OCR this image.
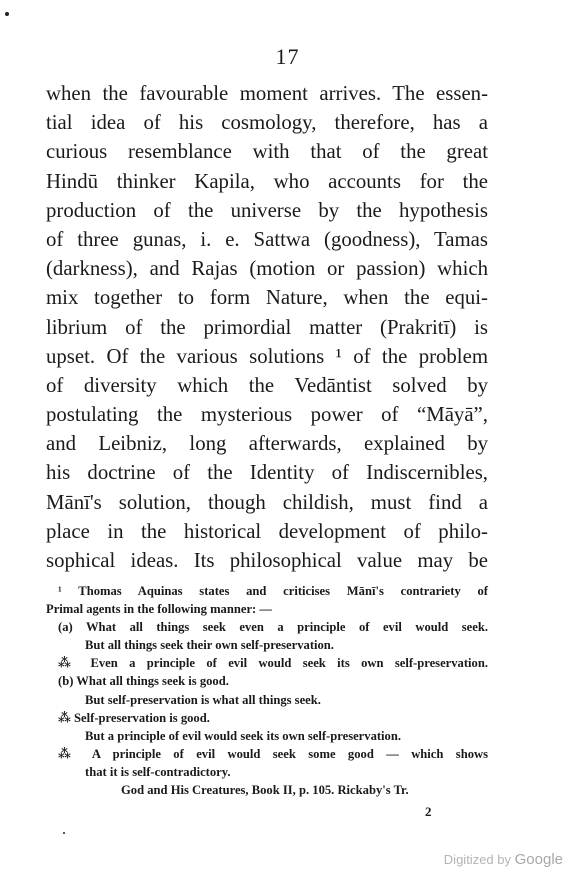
17
when the favourable moment arrives. The essen-
tial idea of his cosmology, therefore, has a
curious resemblance with that of the great
Hindū thinker Kapila, who accounts for the
production of the universe by the hypothesis
of three gunas, i. e. Sattwa (goodness), Tamas
(darkness), and Rajas (motion or passion) which
mix together to form Nature, when the equi-
librium of the primordial matter (Prakritī) is
upset. Of the various solutions ¹ of the problem
of diversity which the Vedāntist solved by
postulating the mysterious power of “Māyā”,
and Leibniz, long afterwards, explained by
his doctrine of the Identity of Indiscernibles,
Mānī's solution, though childish, must find a
place in the historical development of philo-
sophical ideas. Its philosophical value may be
¹ Thomas Aquinas states and criticises Mānī's contrariety of
Primal agents in the following manner: —
(a) What all things seek even a principle of evil would seek.
But all things seek their own self-preservation.
⁂ Even a principle of evil would seek its own self-preservation.
(b) What all things seek is good.
But self-preservation is what all things seek.
⁂ Self-preservation is good.
But a principle of evil would seek its own self-preservation.
⁂ A principle of evil would seek some good — which shows
that it is self-contradictory.
God and His Creatures, Book II, p. 105. Rickaby's Tr.
2
Digitized by Google
